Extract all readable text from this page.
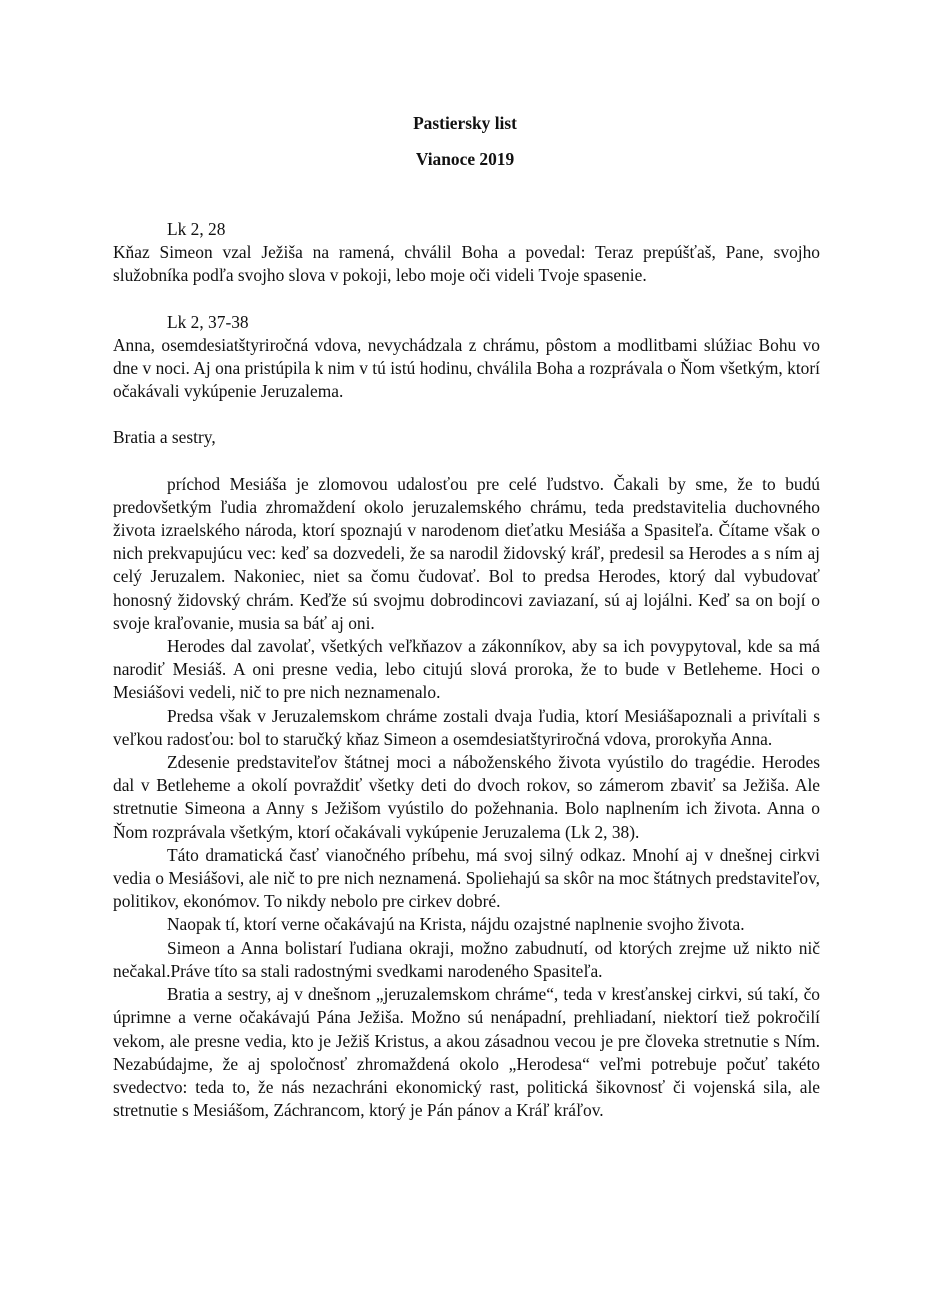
Pastiersky list
Vianoce 2019

Lk 2, 28

Kňaz Simeon vzal Ježiša na ramená, chválil Boha a povedal: Teraz prepúšťaš, Pane, svojho služobníka podľa svojho slova v pokoji, lebo moje oči videli Tvoje spasenie.

Lk 2, 37-38

Anna, osemdesiatštyriročná vdova, nevychádzala z chrámu, pôstom a modlitbami slúžiac Bohu vo dne v noci. Aj ona pristúpila k nim v tú istú hodinu, chválila Boha a rozprávala o Ňom všetkým, ktorí očakávali vykúpenie Jeruzalema.

Bratia a sestry,

príchod Mesiáša je zlomovou udalosťou pre celé ľudstvo. Čakali by sme, že to budú predovšetkým ľudia zhromaždení okolo jeruzalemského chrámu, teda predstavitelia duchovného života izraelského národa, ktorí spoznajú v narodenom dieťatku Mesiáša a Spasiteľa. Čítame však o nich prekvapujúcu vec: keď sa dozvedeli, že sa narodil židovský kráľ, predesil sa Herodes a s ním aj celý Jeruzalem. Nakoniec, niet sa čomu čudovať. Bol to predsa Herodes, ktorý dal vybudovať honosný židovský chrám. Keďže sú svojmu dobrodincovi zaviazaní, sú aj lojálni. Keď sa on bojí o svoje kraľovanie, musia sa báť aj oni.

Herodes dal zavolať, všetkých veľkňazov a zákonníkov, aby sa ich povypytoval, kde sa má narodiť Mesiáš. A oni presne vedia, lebo citujú slová proroka, že to bude v Betleheme. Hoci o Mesiášovi vedeli, nič to pre nich neznamenalo.

Predsa však v Jeruzalemskom chráme zostali dvaja ľudia, ktorí Mesiášapoznali a privítali s veľkou radosťou: bol to staručký kňaz Simeon a osemdesiatštyriročná vdova, prorokyňa Anna.

Zdesenie predstaviteľov štátnej moci a náboženského života vyústilo do tragédie. Herodes dal v Betleheme a okolí povraždiť všetky deti do dvoch rokov, so zámerom zbaviť sa Ježiša. Ale stretnutie Simeona a Anny s Ježišom vyústilo do požehnania. Bolo naplnením ich života. Anna o Ňom rozprávala všetkým, ktorí očakávali vykúpenie Jeruzalema (Lk 2, 38).

Táto dramatická časť vianočného príbehu, má svoj silný odkaz. Mnohí aj v dnešnej cirkvi vedia o Mesiášovi, ale nič to pre nich neznamená. Spoliehajú sa skôr na moc štátnych predstaviteľov, politikov, ekonómov. To nikdy nebolo pre cirkev dobré.

Naopak tí, ktorí verne očakávajú na Krista, nájdu ozajstné naplnenie svojho života.

Simeon a Anna bolistarí ľudiana okraji, možno zabudnutí, od ktorých zrejme už nikto nič nečakal.Práve títo sa stali radostnými svedkami narodeného Spasiteľa.

Bratia a sestry, aj v dnešnom „jeruzalemskom chráme“, teda v kresťanskej cirkvi, sú takí, čo úprimne a verne očakávajú Pána Ježiša. Možno sú nenápadní, prehliadaní, niektorí tiež pokročilí vekom, ale presne vedia, kto je Ježiš Kristus, a akou zásadnou vecou je pre človeka stretnutie s Ním. Nezabúdajme, že aj spoločnosť zhromaždená okolo „Herodesa“ veľmi potrebuje počuť takéto svedectvo: teda to, že nás nezachráni ekonomický rast, politická šikovnosť či vojenská sila, ale stretnutie s Mesiášom, Záchrancom, ktorý je Pán pánov a Kráľ kráľov.
